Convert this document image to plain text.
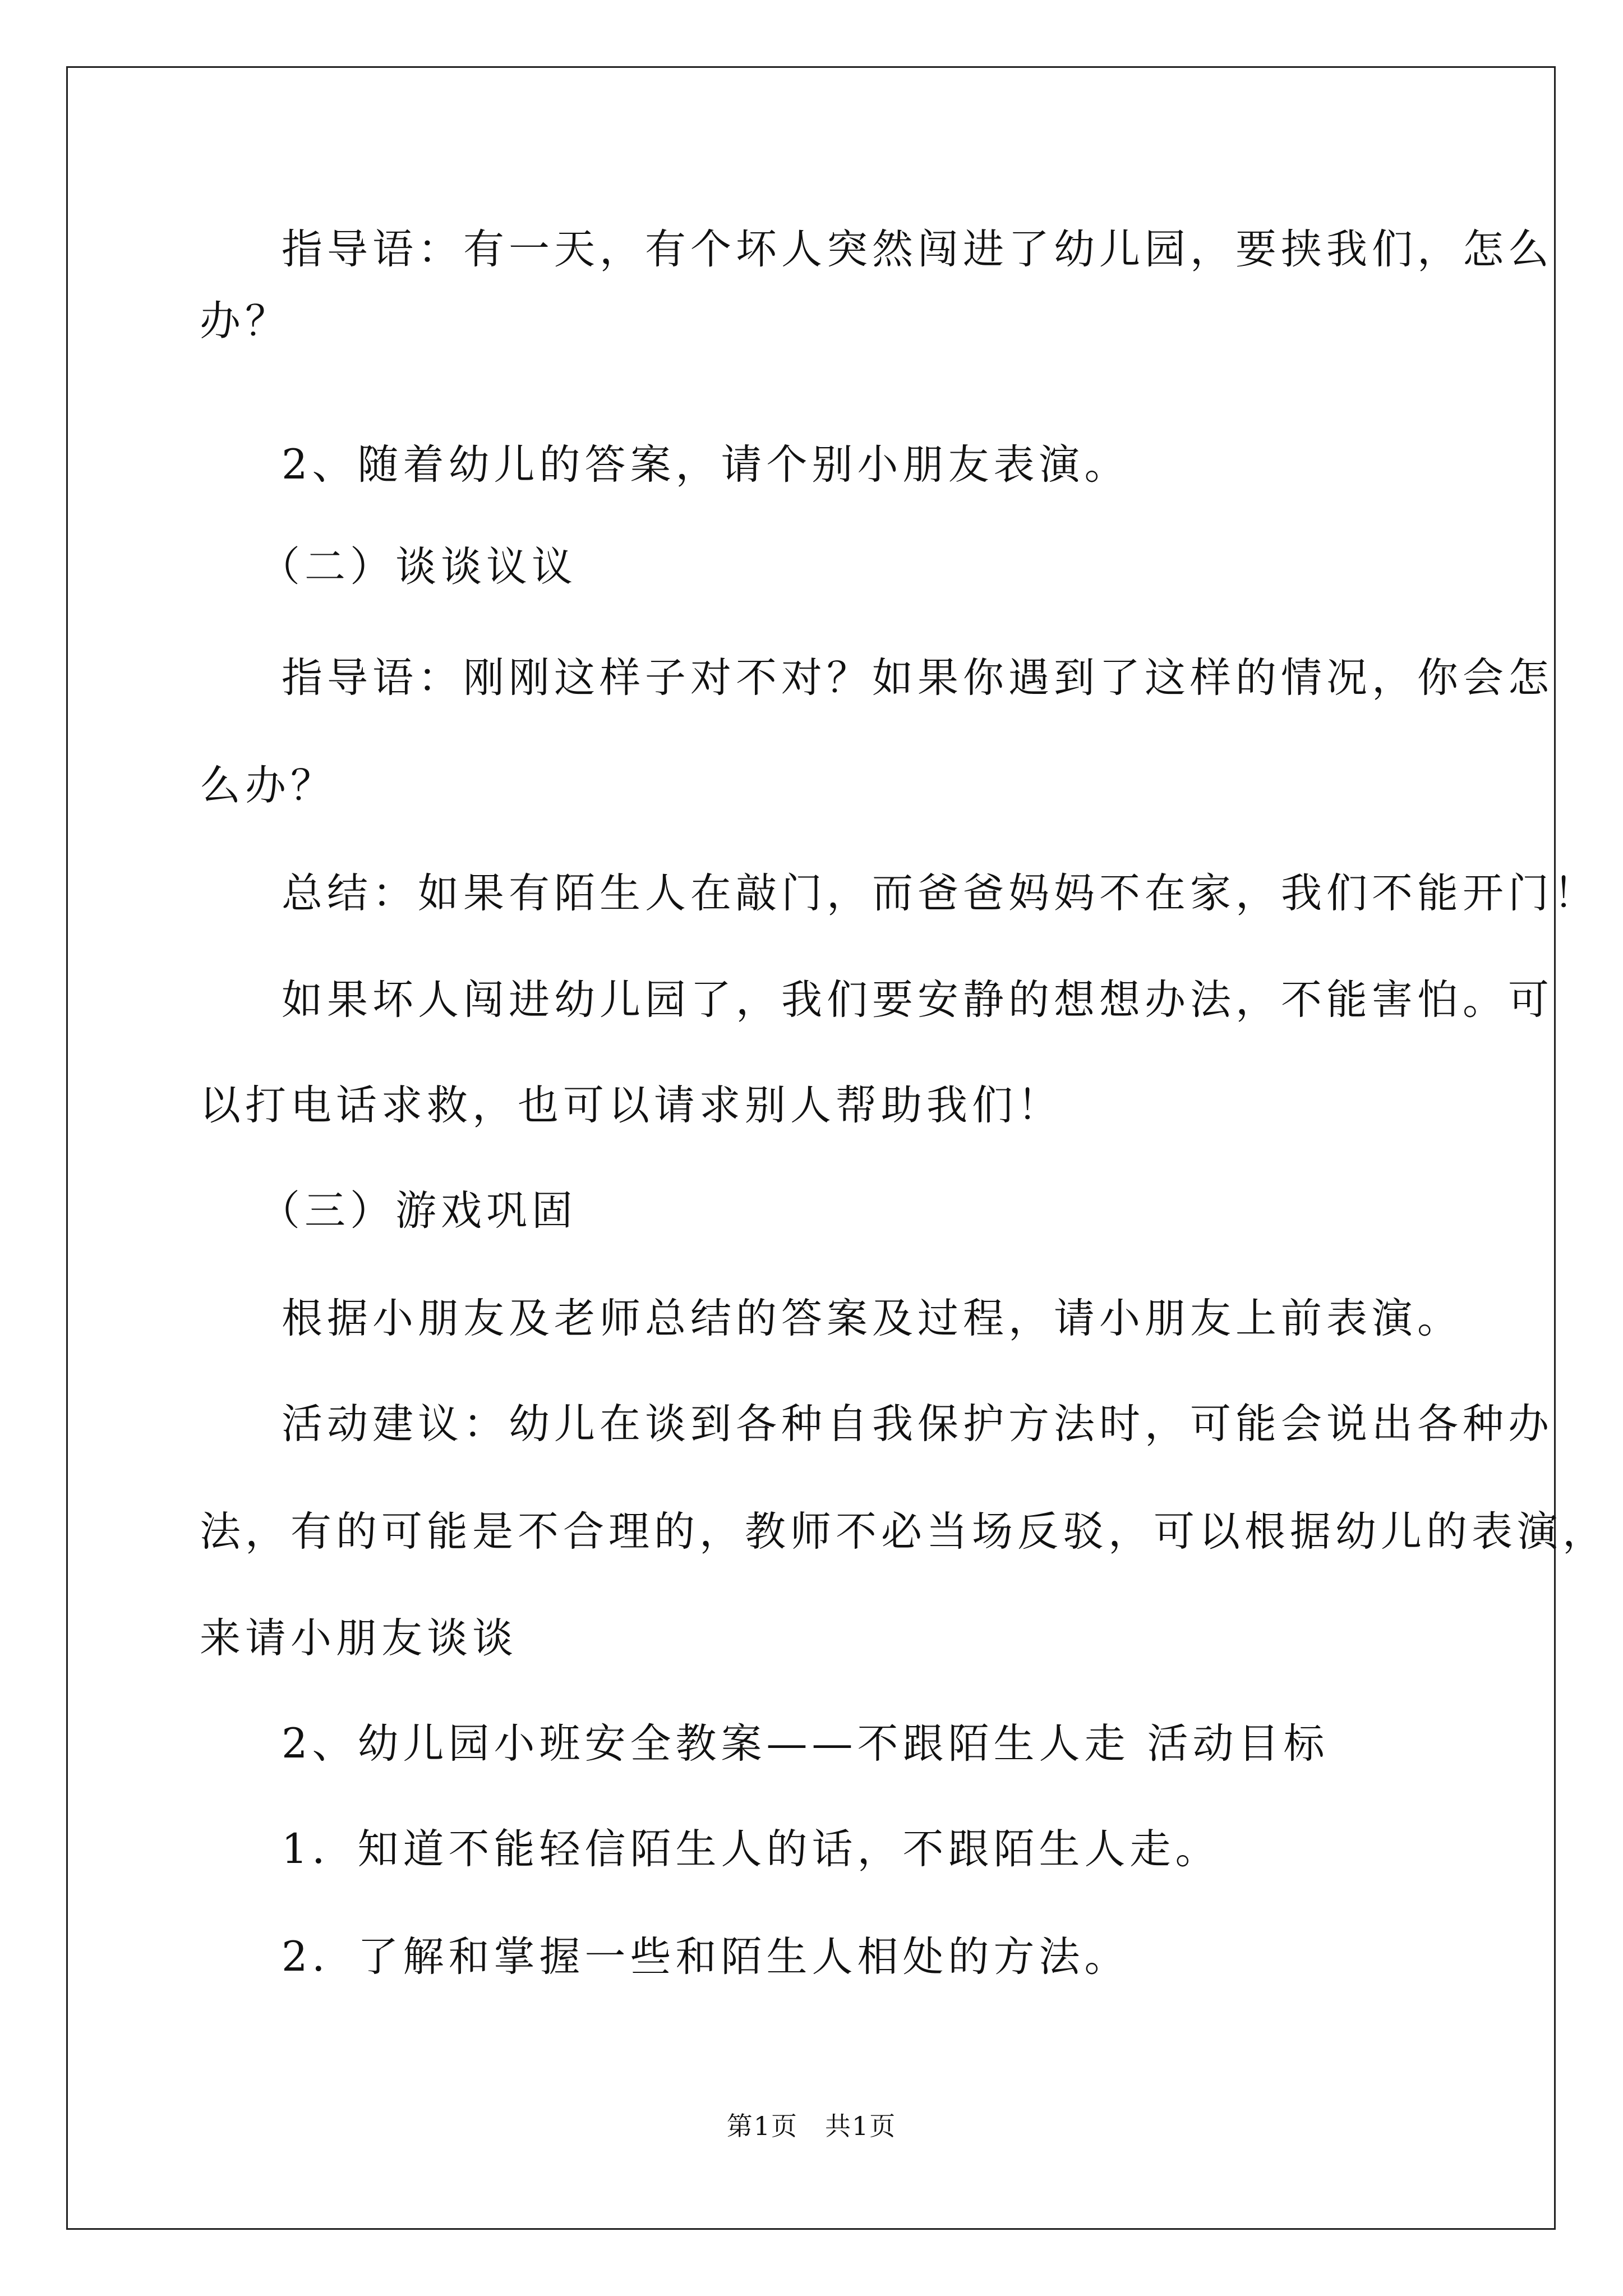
指导语：有一天，有个坏人突然闯进了幼儿园，要挟我们，怎么

办？

2、随着幼儿的答案，请个别小朋友表演。

（二）谈谈议议

指导语：刚刚这样子对不对？如果你遇到了这样的情况，你会怎

么办？

总结：如果有陌生人在敲门，而爸爸妈妈不在家，我们不能开门！

如果坏人闯进幼儿园了，我们要安静的想想办法，不能害怕。可

以打电话求救，也可以请求别人帮助我们！

（三）游戏巩固

根据小朋友及老师总结的答案及过程，请小朋友上前表演。

活动建议：幼儿在谈到各种自我保护方法时，可能会说出各种办

法，有的可能是不合理的，教师不必当场反驳，可以根据幼儿的表演，

来请小朋友谈谈

2、幼儿园小班安全教案——不跟陌生人走 活动目标

1．知道不能轻信陌生人的话，不跟陌生人走。

2．了解和掌握一些和陌生人相处的方法。

第1页　共1页
